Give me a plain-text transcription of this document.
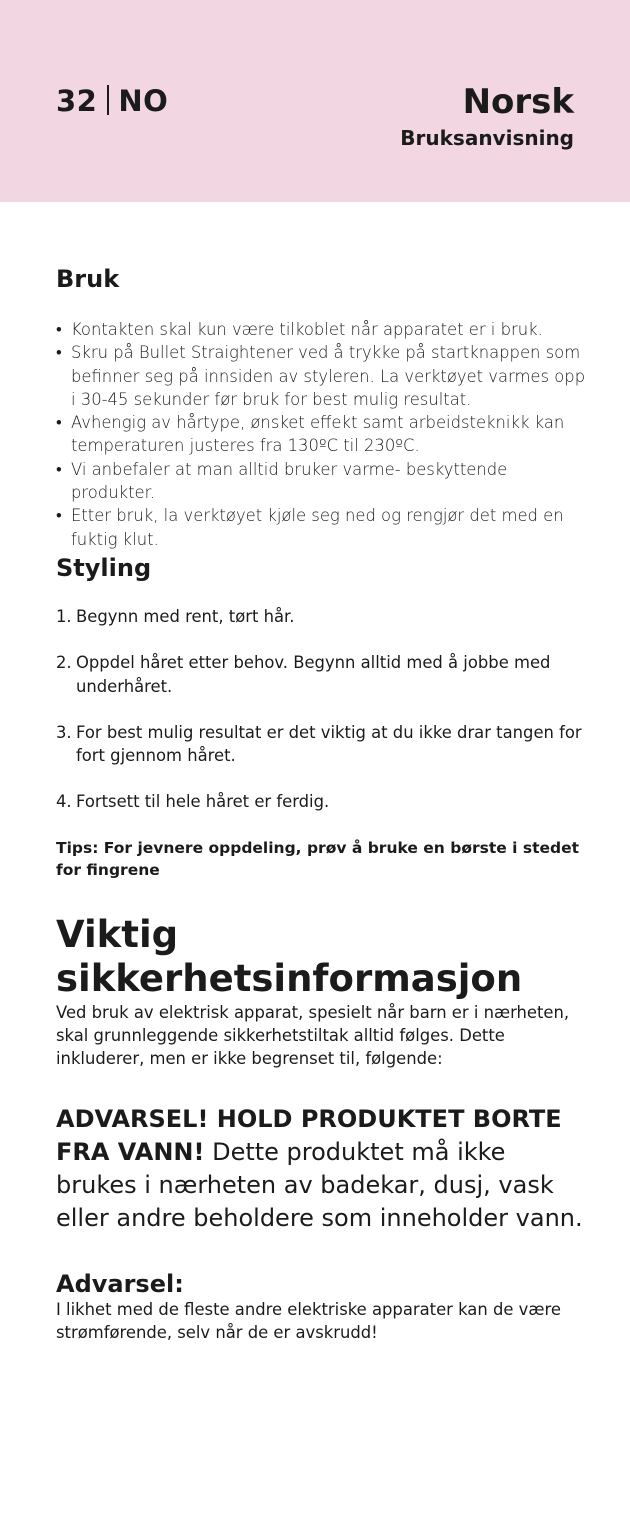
32 NO	Norsk
Bruksanvisning
Bruk
• Kontakten skal kun være tilkoblet når apparatet er i bruk.
• Skru på Bullet Straightener ved å trykke på startknappen som befinner seg på innsiden av styleren. La verktøyet varmes opp i 30-45 sekunder før bruk for best mulig resultat.
• Avhengig av hårtype, ønsket effekt samt arbeidsteknikk kan temperaturen justeres fra 130ºC til 230ºC.
• Vi anbefaler at man alltid bruker varme- beskyttende produkter.
• Etter bruk, la verktøyet kjøle seg ned og rengjør det med en fuktig klut.
Styling
1. Begynn med rent, tørt hår.
2. Oppdel håret etter behov. Begynn alltid med å jobbe med underhåret.
3. For best mulig resultat er det viktig at du ikke drar tangen for fort gjennom håret.
4. Fortsett til hele håret er ferdig.
Tips: For jevnere oppdeling, prøv å bruke en børste i stedet for fingrene
Viktig sikkerhetsinformasjon
Ved bruk av elektrisk apparat, spesielt når barn er i nærheten, skal grunnleggende sikkerhetstiltak alltid følges. Dette inkluderer, men er ikke begrenset til, følgende:
ADVARSEL! HOLD PRODUKTET BORTE FRA VANN! Dette produktet må ikke brukes i nærheten av badekar, dusj, vask eller andre beholdere som inneholder vann.
Advarsel:
I likhet med de fleste andre elektriske apparater kan de være strømførende, selv når de er avskrudd!
